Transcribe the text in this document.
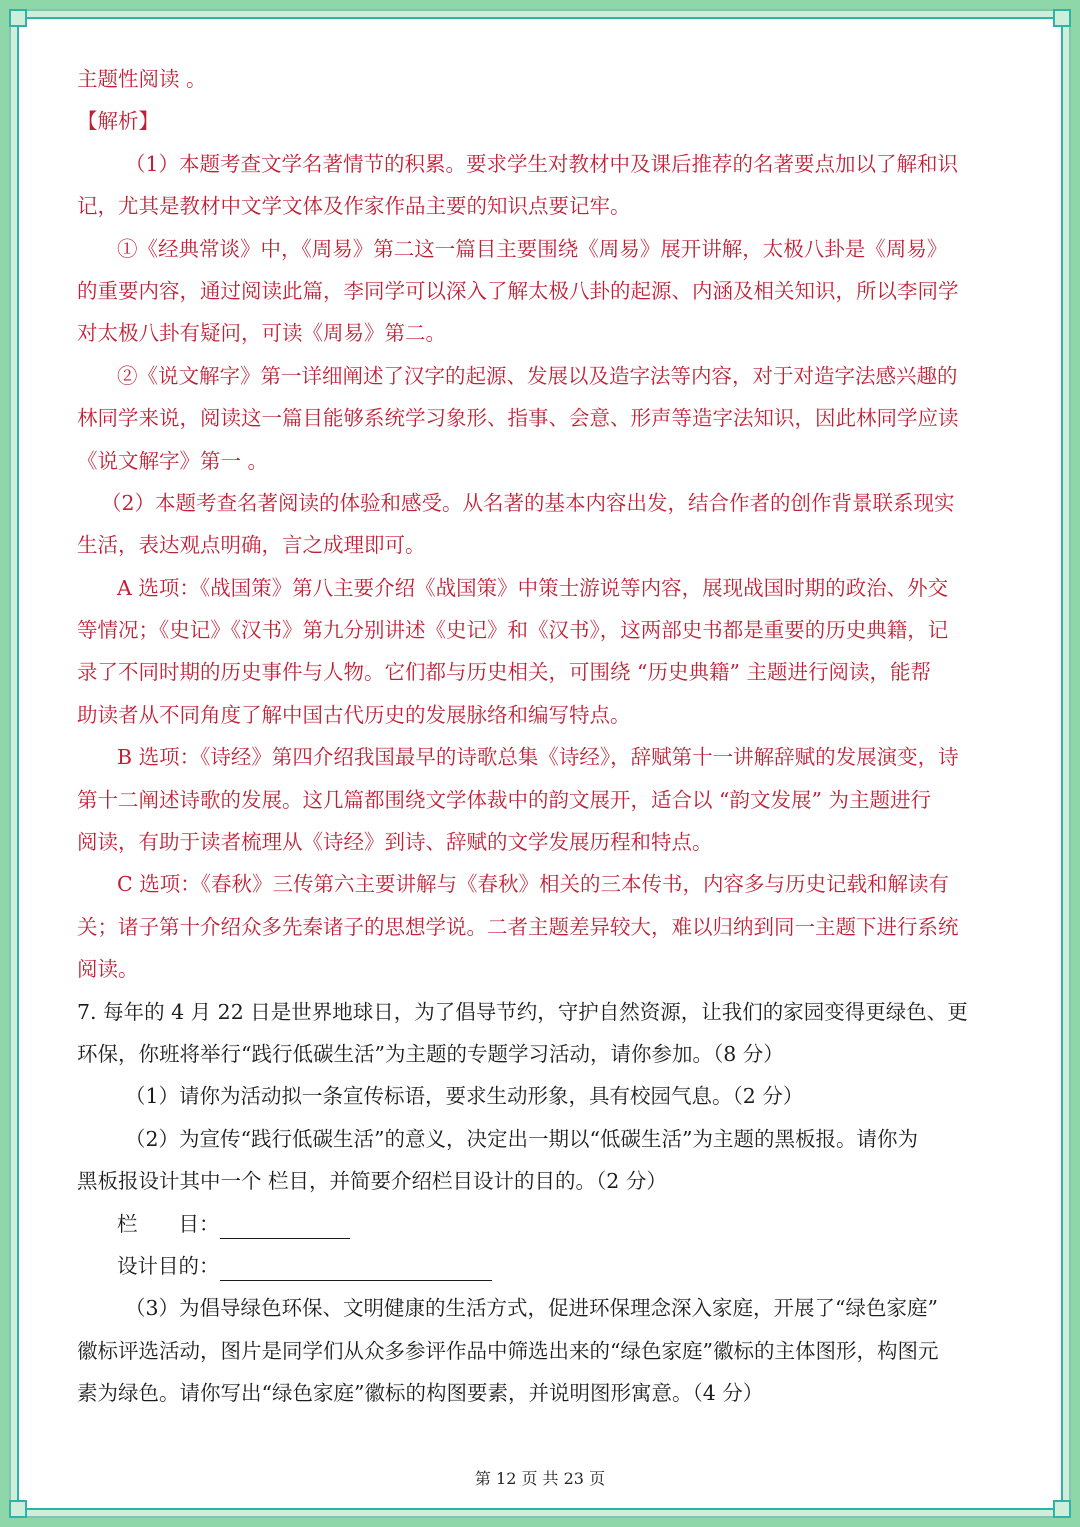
主题性阅读 。
【解析】
（1）本题考查文学名著情节的积累。要求学生对教材中及课后推荐的名著要点加以了解和识
记，尤其是教材中文学文体及作家作品主要的知识点要记牢。
①《经典常谈》中，《周易》第二这一篇目主要围绕《周易》展开讲解，太极八卦是《周易》
的重要内容，通过阅读此篇，李同学可以深入了解太极八卦的起源、内涵及相关知识，所以李同学
对太极八卦有疑问，可读《周易》第二。
②《说文解字》第一详细阐述了汉字的起源、发展以及造字法等内容，对于对造字法感兴趣的
林同学来说，阅读这一篇目能够系统学习象形、指事、会意、形声等造字法知识，因此林同学应读
《说文解字》第一 。
（2）本题考查名著阅读的体验和感受。从名著的基本内容出发，结合作者的创作背景联系现实
生活，表达观点明确，言之成理即可。
A 选项：《战国策》第八主要介绍《战国策》中策士游说等内容，展现战国时期的政治、外交
等情况；《史记》《汉书》第九分别讲述《史记》和《汉书》，这两部史书都是重要的历史典籍，记
录了不同时期的历史事件与人物。它们都与历史相关，可围绕 “历史典籍” 主题进行阅读，能帮
助读者从不同角度了解中国古代历史的发展脉络和编写特点。
B 选项：《诗经》第四介绍我国最早的诗歌总集《诗经》，辞赋第十一讲解辞赋的发展演变，诗
第十二阐述诗歌的发展。这几篇都围绕文学体裁中的韵文展开，适合以 “韵文发展” 为主题进行
阅读，有助于读者梳理从《诗经》到诗、辞赋的文学发展历程和特点。
C 选项：《春秋》三传第六主要讲解与《春秋》相关的三本传书，内容多与历史记载和解读有
关；诸子第十介绍众多先秦诸子的思想学说。二者主题差异较大，难以归纳到同一主题下进行系统
阅读。
7. 每年的 4 月 22 日是世界地球日，为了倡导节约，守护自然资源，让我们的家园变得更绿色、更
环保，你班将举行“践行低碳生活”为主题的专题学习活动，请你参加。（8 分）
（1）请你为活动拟一条宣传标语，要求生动形象，具有校园气息。（2 分）
（2）为宣传“践行低碳生活”的意义，决定出一期以“低碳生活”为主题的黑板报。请你为
黑板报设计其中一个 栏目，并简要介绍栏目设计的目的。（2 分）
栏　　目：
设计目的：
（3）为倡导绿色环保、文明健康的生活方式，促进环保理念深入家庭，开展了“绿色家庭”
徽标评选活动，图片是同学们从众多参评作品中筛选出来的“绿色家庭”徽标的主体图形，构图元
素为绿色。请你写出“绿色家庭”徽标的构图要素，并说明图形寓意。（4 分）
第 12 页 共 23 页
